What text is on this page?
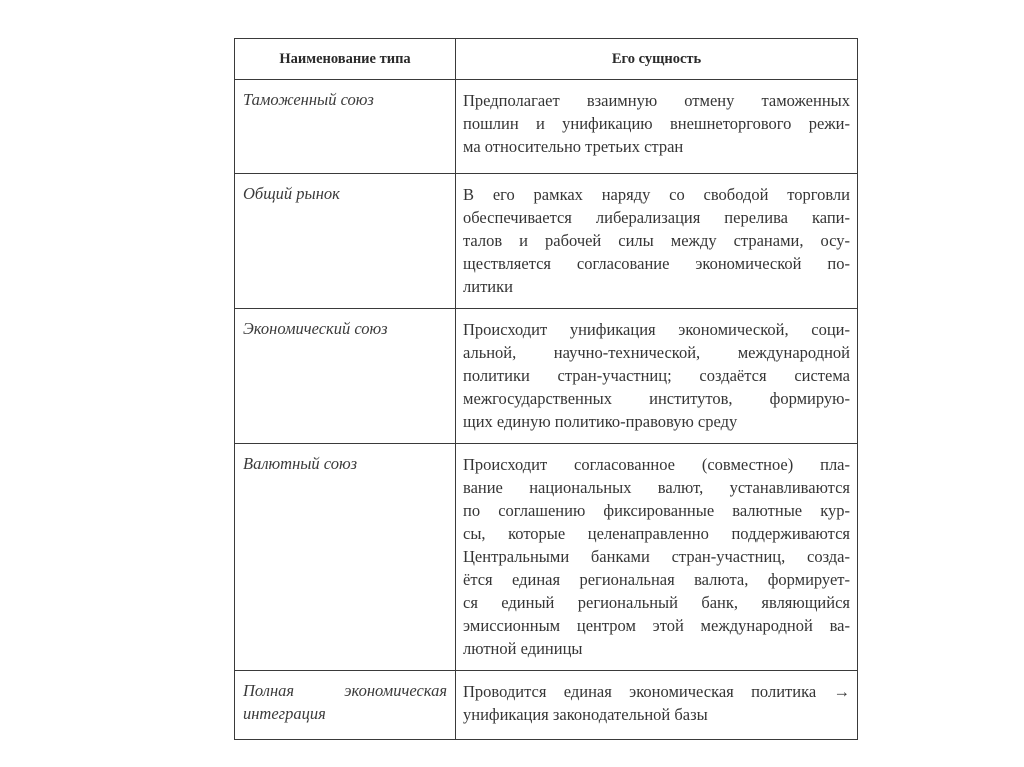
Наименование типа	Его сущность
Таможенный союз	Предполагает взаимную отмену таможенных
пошлин и унификацию внешнеторгового режи-
ма относительно третьих стран

Общий рынок	В его рамках наряду со свободой торговли
обеспечивается либерализация перелива капи-
талов и рабочей силы между странами, осу-
ществляется согласование экономической по-
литики

Экономический союз	Происходит унификация экономической, соци-
альной, научно-технической, международной
политики стран-участниц; создаётся система
межгосударственных институтов, формирую-
щих единую политико-правовую среду

Валютный союз	Происходит согласованное (совместное) пла-
вание национальных валют, устанавливаются
по соглашению фиксированные валютные кур-
сы, которые целенаправленно поддерживаются
Центральными банками стран-участниц, созда-
ётся единая региональная валюта, формирует-
ся единый региональный банк, являющийся
эмиссионным центром этой международной ва-
лютной единицы

Полная экономическая
интеграция	Проводится единая экономическая политика →
унификация законодательной базы
